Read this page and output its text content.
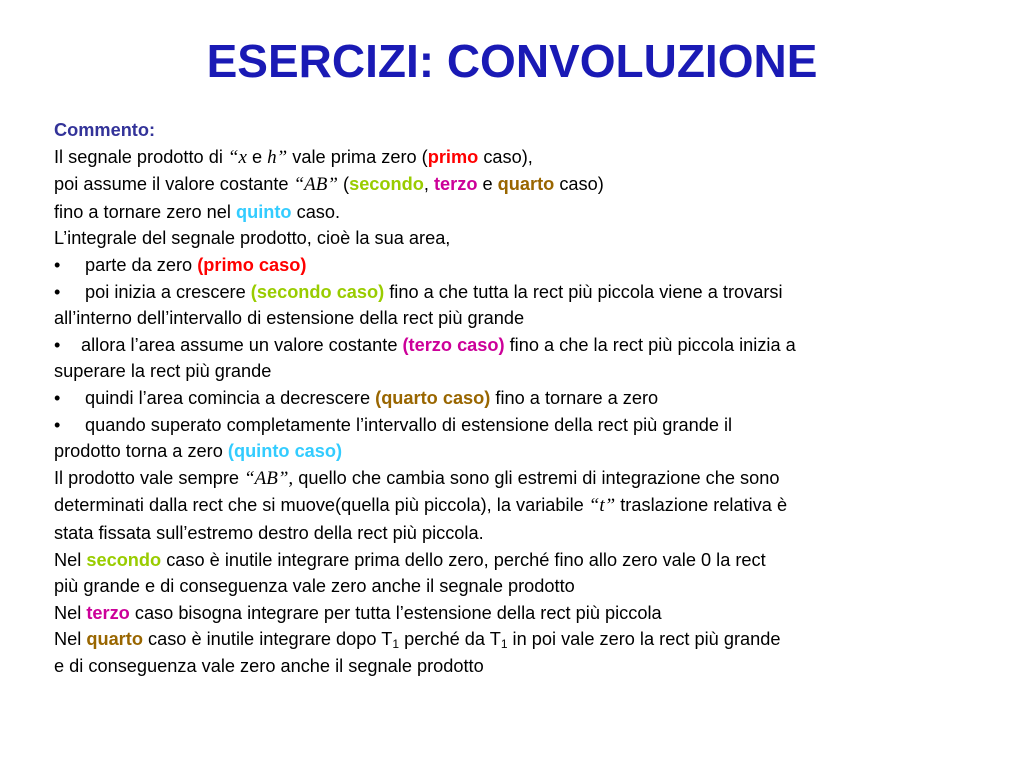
ESERCIZI: CONVOLUZIONE
Commento:
Il segnale prodotto di “x e h” vale prima zero (primo caso),
poi assume il valore costante “AB” (secondo, terzo e quarto caso)
fino a tornare zero nel quinto caso.
L’integrale del segnale prodotto, cioè la sua area,
• parte da zero (primo caso)
• poi inizia a crescere (secondo caso) fino a che tutta la rect più piccola viene a trovarsi
all’interno dell’intervallo di estensione della rect più grande
• allora l’area assume un valore costante (terzo caso) fino a che la rect più piccola inizia a
superare la rect più grande
• quindi l’area comincia a decrescere (quarto caso) fino a tornare a zero
• quando superato completamente l’intervallo di estensione della rect più grande il
prodotto torna a zero (quinto caso)
Il prodotto vale sempre “AB”, quello che cambia sono gli estremi di integrazione che sono
determinati dalla rect che si muove(quella più piccola), la variabile “t” traslazione relativa è
stata fissata sull’estremo destro della rect più piccola.
Nel secondo caso è inutile integrare prima dello zero, perché fino allo zero vale 0 la rect
più grande e di conseguenza vale zero anche il segnale prodotto
Nel terzo caso bisogna integrare per tutta l’estensione della rect più piccola
Nel quarto caso è inutile integrare dopo $T_1$ perché da $T_1$ in poi vale zero la rect più grande
e di conseguenza vale zero anche il segnale prodotto
